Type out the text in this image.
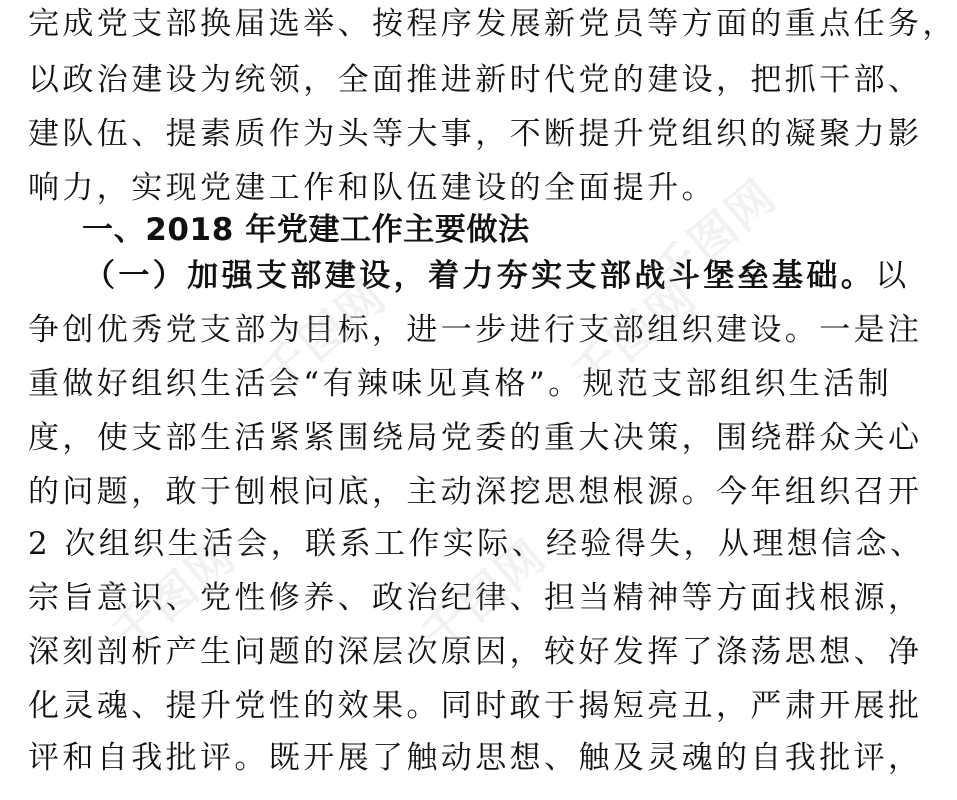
完成党支部换届选举、按程序发展新党员等方面的重点任务，
以政治建设为统领，全面推进新时代党的建设，把抓干部、
建队伍、提素质作为头等大事，不断提升党组织的凝聚力影
响力，实现党建工作和队伍建设的全面提升。
一、2018 年党建工作主要做法
（一）加强支部建设，着力夯实支部战斗堡垒基础。以
争创优秀党支部为目标，进一步进行支部组织建设。一是注
重做好组织生活会“有辣味见真格”。规范支部组织生活制
度，使支部生活紧紧围绕局党委的重大决策，围绕群众关心
的问题，敢于刨根问底，主动深挖思想根源。今年组织召开
2 次组织生活会，联系工作实际、经验得失，从理想信念、
宗旨意识、党性修养、政治纪律、担当精神等方面找根源，
深刻剖析产生问题的深层次原因，较好发挥了涤荡思想、净
化灵魂、提升党性的效果。同时敢于揭短亮丑，严肃开展批
评和自我批评。既开展了触动思想、触及灵魂的自我批评，
千图网	千图网
千图网	千图网
千图网
